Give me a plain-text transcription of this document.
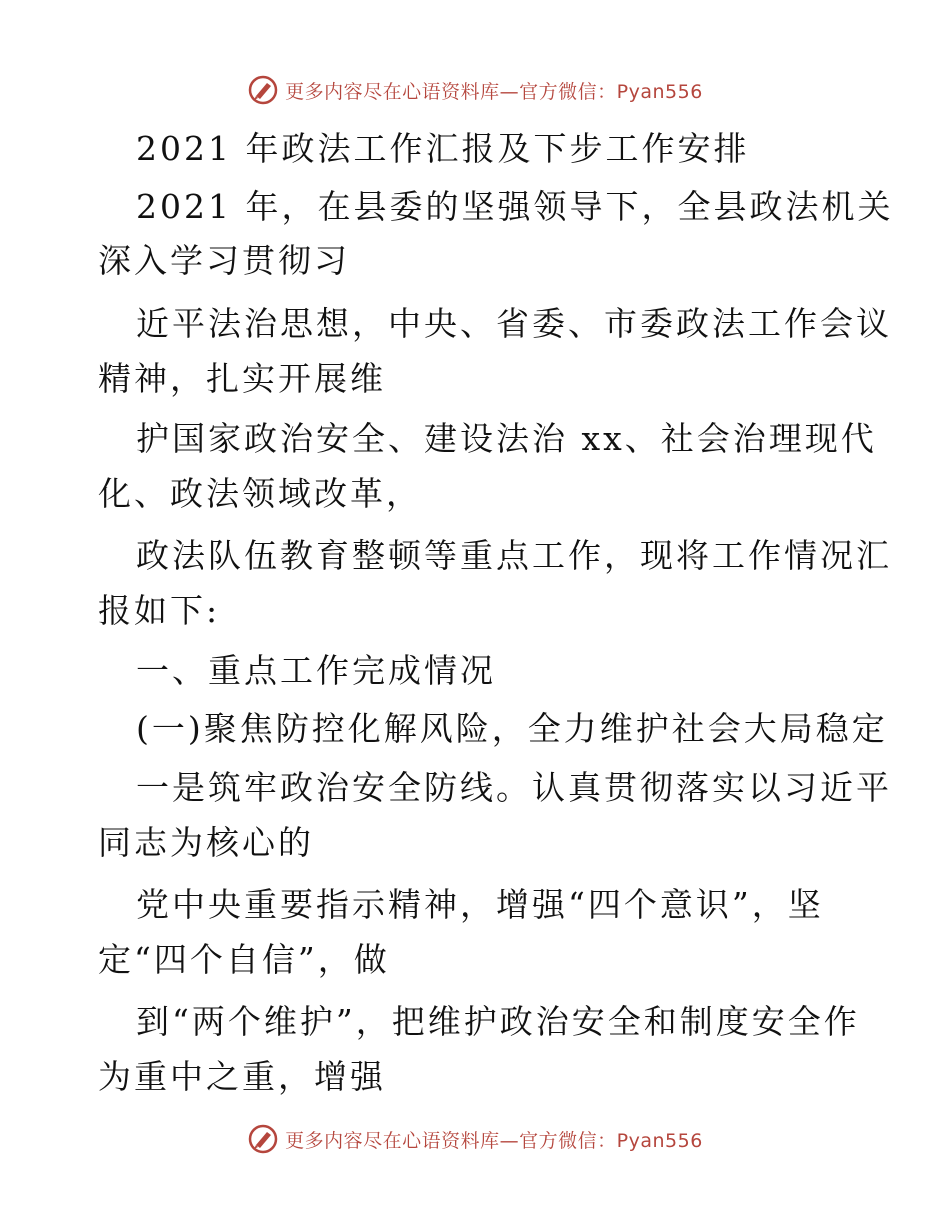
更多内容尽在心语资料库—官方微信：Pyan556
2021 年政法工作汇报及下步工作安排
2021 年，在县委的坚强领导下，全县政法机关
深入学习贯彻习
近平法治思想，中央、省委、市委政法工作会议
精神，扎实开展维
护国家政治安全、建设法治 xx、社会治理现代
化、政法领域改革，
政法队伍教育整顿等重点工作，现将工作情况汇
报如下:
一、重点工作完成情况
(一)聚焦防控化解风险，全力维护社会大局稳定
一是筑牢政治安全防线。认真贯彻落实以习近平
同志为核心的
党中央重要指示精神，增强“四个意识”，坚
定“四个自信”，做
到“两个维护”，把维护政治安全和制度安全作
为重中之重，增强
更多内容尽在心语资料库—官方微信：Pyan556
